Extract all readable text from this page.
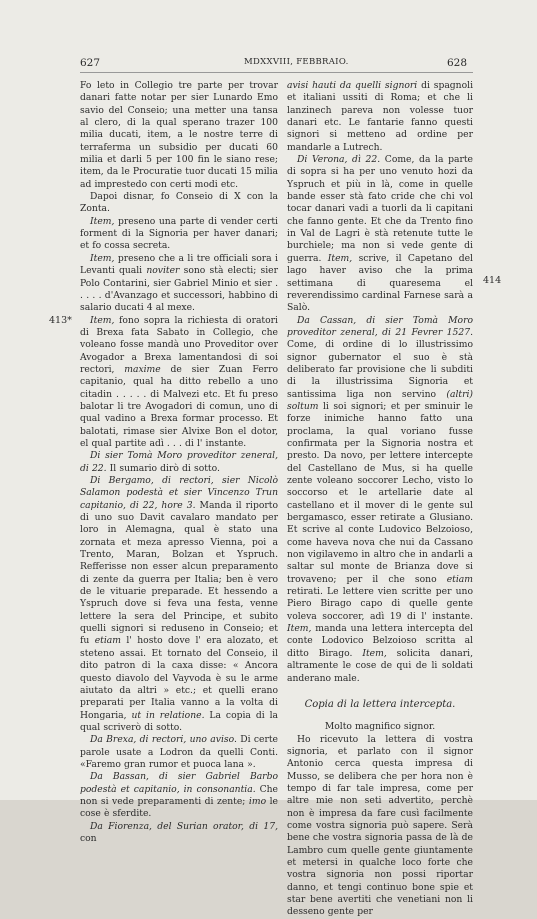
627	MDXXVIII, FEBBRAIO.	628
413*
414

Fo leto in Collegio tre parte per trovar danari fatte notar per sier Lunardo Emo savio del Conseio; una metter una tansa al clero, di la qual sperano trazer 100 milia ducati, item, a le nostre terre di terraferma un subsidio per ducati 60 milia et darli 5 per 100 fin le siano rese; item, da le Procuratie tuor ducati 15 milia ad imprestedo con certi modi etc.

Dapoi disnar, fo Conseio di X con la Zonta.

Item, preseno una parte di vender certi forment di la Signoria per haver danari; et fo cossa secreta.

Item, preseno che a li tre officiali sora i Levanti quali noviter sono stà electi; sier Polo Contarini, sier Gabriel Minio et sier . . . . . d'Avanzago et successori, habbino di salario ducati 4 al mexe.

Item, fono sopra la richiesta di oratori di Brexa fata Sabato in Collegio, che voleano fosse mandà uno Proveditor over Avogador a Brexa lamentandosi di soi rectori, maxime de sier Zuan Ferro capitanio, qual ha ditto rebello a uno citadin . . . . . di Malvezi etc. Et fu preso balotar li tre Avogadori di comun, uno di qual vadino a Brexa formar processo. Et balotati, rimase sier Alvixe Bon el dotor, el qual partite adì . . . di l' instante.

Di sier Tomà Moro proveditor zeneral, di 22. Il sumario dirò di sotto.

Di Bergamo, di rectori, sier Nicolò Salamon podestà et sier Vincenzo Trun capitanio, di 22, hore 3. Manda il riporto di uno suo Davit cavalaro mandato per loro in Alemagna, qual è stato una zornata et meza apresso Vienna, poi a Trento, Maran, Bolzan et Yspruch. Refferisse non esser alcun preparamento di zente da guerra per Italia; ben è vero de le vituarie preparade. Et hessendo a Yspruch dove si feva una festa, venne lettere la sera del Principe, et subito quelli signori si reduseno in Conseio; et fu etiam l' hosto dove l' era alozato, et steteno assai. Et tornato del Conseio, il dito patron di la caxa disse: « Ancora questo diavolo del Vayvoda è su le arme aiutato da altri » etc.; et quelli erano preparati per Italia vanno a la volta di Hongaria, ut in relatione. La copia di la qual scriverò di sotto.

Da Brexa, di rectori, uno aviso. Di certe parole usate a Lodron da quelli Conti. «Faremo gran rumor et puoca lana ».

Da Bassan, di sier Gabriel Barbo podestà et capitanio, in consonantia. Che non si vede preparamenti di zente; imo le cose è sferdite.

Da Fiorenza, del Surian orator, di 17, con

avisi hauti da quelli signori di spagnoli et italiani ussiti di Roma; et che li lanzinech pareva non volesse tuor danari etc. Le fantarie fanno questi signori si metteno ad ordine per mandarle a Lutrech.

Di Verona, dì 22. Come, da la parte di sopra si ha per uno venuto hozi da Yspruch et più in là, come in quelle bande esser stà fato cride che chi vol tocar danari vadi a tuorli da li capitani che fanno gente. Et che da Trento fino in Val de Lagri è stà retenute tutte le burchiele; ma non si vede gente di guerra. Item, scrive, il Capetano del lago haver aviso che la prima settimana di quaresema el reverendissimo cardinal Farnese sarà a Salò.

Da Cassan, di sier Tomà Moro proveditor zeneral, di 21 Fevrer 1527. Come, di ordine di lo illustrissimo signor gubernator el suo è stà deliberato far provisione che li subditi di la illustrissima Signoria et santissima liga non servino (altri) soltum li soi signori; et per sminuir le forze inimiche hanno fatto una proclama, la qual voriano fusse confirmata per la Signoria nostra et presto. Da novo, per lettere intercepte del Castellano de Mus, si ha quelle zente voleano soccorer Lecho, visto lo soccorso et le artellarie date al castellano et il mover di le gente sul bergamasco, esser retirate a Glusiano. Et scrive al conte Ludovico Belzoioso, come haveva nova che nui da Cassano non vigilavemo in altro che in andarli a saltar sul monte de Brianza dove si trovaveno; per il che sono etiam retirati. Le lettere vien scritte per uno Piero Birago capo di quelle gente voleva soccorer, adì 19 di l' instante. Item, manda una lettera intercepta del conte Lodovico Belzoioso scritta al ditto Birago. Item, solicita danari, altramente le cose de qui de li soldati anderano male.

Copia di la lettera intercepta.

Molto magnifico signor.

Ho ricevuto la lettera di vostra signoria, et parlato con il signor Antonio cerca questa impresa di Musso, se delibera che per hora non è tempo di far tale impresa, come per altre mie non seti advertito, perchè non è impresa da fare cusì facilmente come vostra signoria può sapere. Serà bene che vostra signoria passa de là de Lambro cum quelle gente giuntamente et metersi in qualche loco forte che vostra signoria non possi riportar danno, et tengi continuo bone spie et star bene avertiti che venetiani non li desseno gente per
